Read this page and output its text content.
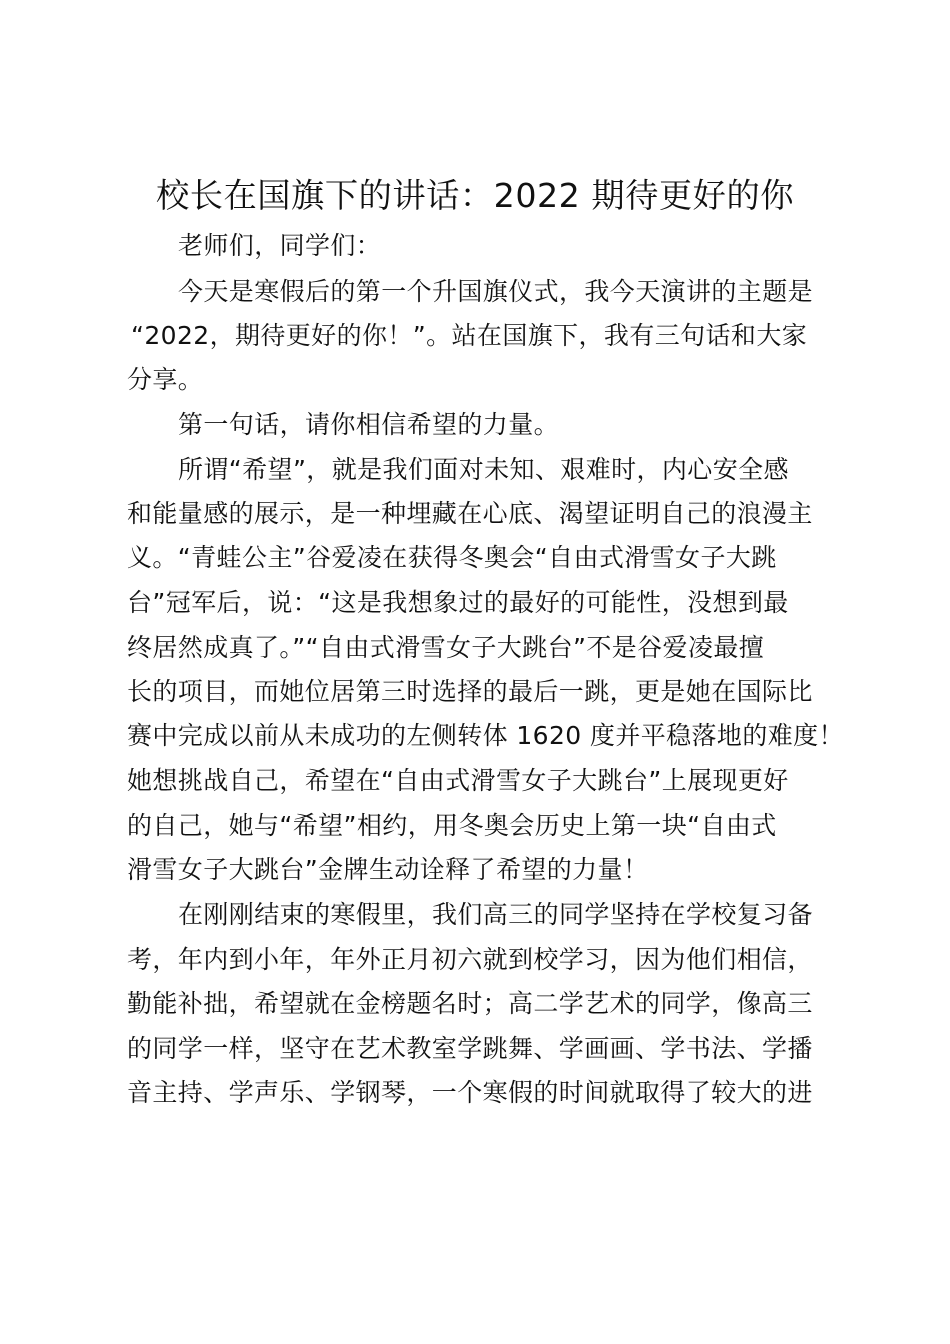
校长在国旗下的讲话：2022 期待更好的你
老师们，同学们：
今天是寒假后的第一个升国旗仪式，我今天演讲的主题是
“2022，期待更好的你！”。站在国旗下，我有三句话和大家
分享。
第一句话，请你相信希望的力量。
所谓“希望”，就是我们面对未知、艰难时，内心安全感
和能量感的展示，是一种埋藏在心底、渴望证明自己的浪漫主
义。“青蛙公主”谷爱凌在获得冬奥会“自由式滑雪女子大跳
台”冠军后，说：“这是我想象过的最好的可能性，没想到最
终居然成真了。”“自由式滑雪女子大跳台”不是谷爱凌最擅
长的项目，而她位居第三时选择的最后一跳，更是她在国际比
赛中完成以前从未成功的左侧转体 1620 度并平稳落地的难度！
她想挑战自己，希望在“自由式滑雪女子大跳台”上展现更好
的自己，她与“希望”相约，用冬奥会历史上第一块“自由式
滑雪女子大跳台”金牌生动诠释了希望的力量！
在刚刚结束的寒假里，我们高三的同学坚持在学校复习备
考，年内到小年，年外正月初六就到校学习，因为他们相信，
勤能补拙，希望就在金榜题名时；高二学艺术的同学，像高三
的同学一样，坚守在艺术教室学跳舞、学画画、学书法、学播
音主持、学声乐、学钢琴，一个寒假的时间就取得了较大的进
